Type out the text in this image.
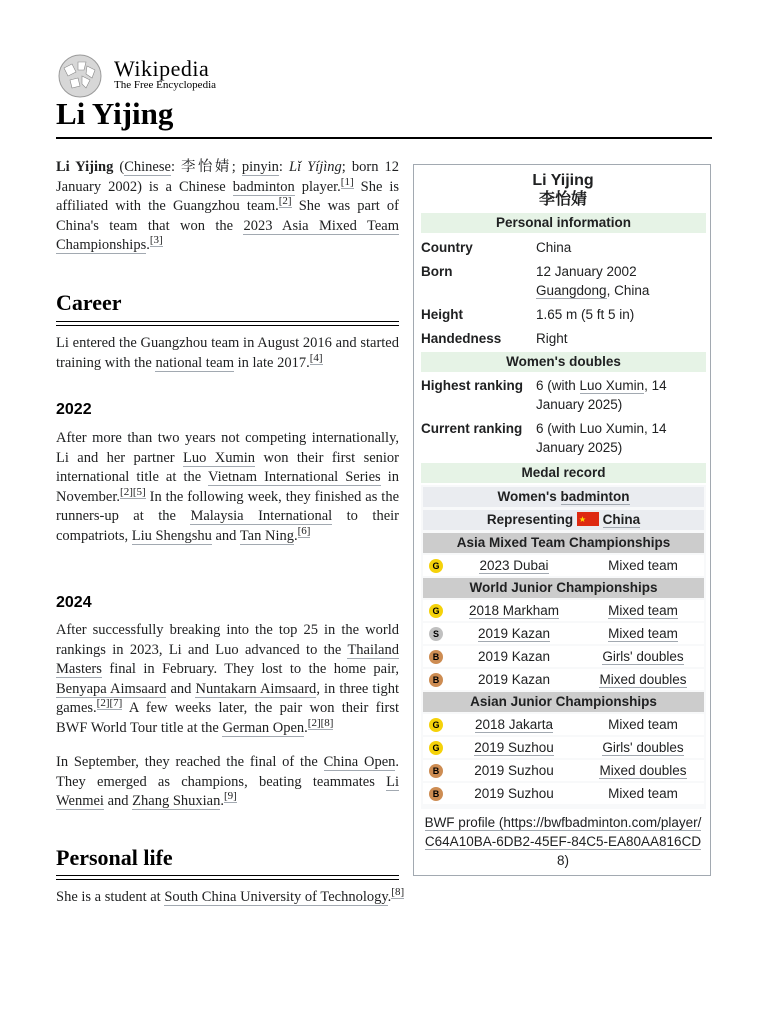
Wikipedia
The Free Encyclopedia
Li Yijing

Li Yijing (Chinese: 李怡婧; pinyin: Lǐ Yíjìng; born 12 January 2002) is a Chinese badminton player.[1] She is affiliated with the Guangzhou team.[2] She was part of China's team that won the 2023 Asia Mixed Team Championships.[3]

Career

Li entered the Guangzhou team in August 2016 and started training with the national team in late 2017.[4]

2022

After more than two years not competing internationally, Li and her partner Luo Xumin won their first senior international title at the Vietnam International Series in November.[2][5] In the following week, they finished as the runners-up at the Malaysia International to their compatriots, Liu Shengshu and Tan Ning.[6]

2024

After successfully breaking into the top 25 in the world rankings in 2023, Li and Luo advanced to the Thailand Masters final in February. They lost to the home pair, Benyapa Aimsaard and Nuntakarn Aimsaard, in three tight games.[2][7] A few weeks later, the pair won their first BWF World Tour title at the German Open.[2][8]

In September, they reached the final of the China Open. They emerged as champions, beating teammates Li Wenmei and Zhang Shuxian.[9]

Personal life

She is a student at South China University of Technology.[8]

Li Yijing
李怡婧
Personal information
Country	China
Born	12 January 2002
Guangdong, China
Height	1.65 m (5 ft 5 in)
Handedness	Right
Women's doubles
Highest ranking 6 (with Luo Xumin, 14 January 2025)
Current ranking	6 (with Luo Xumin, 14 January 2025)
Medal record
Women's badminton
Representing ★ China
Asia Mixed Team Championships
G	2023 Dubai	Mixed team
World Junior Championships
G	2018 Markham	Mixed team
S	2019 Kazan	Mixed team
B	2019 Kazan	Girls' doubles
B	2019 Kazan	Mixed doubles
Asian Junior Championships
G	2018 Jakarta	Mixed team
G	2019 Suzhou	Girls' doubles
B	2019 Suzhou	Mixed doubles
B	2019 Suzhou	Mixed team
BWF profile (https://bwfbadminton.com/player/
C64A10BA-6DB2-45EF-84C5-EA80AA816CD
8)
